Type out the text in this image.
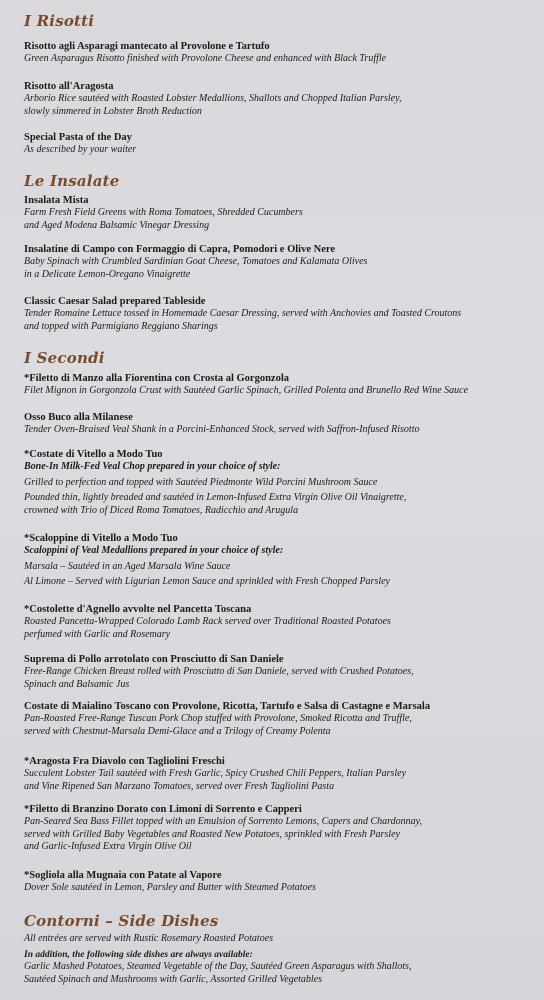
I Risotti
Risotto agli Asparagi mantecato al Provolone e Tartufo
Green Asparagus Risotto finished with Provolone Cheese and enhanced with Black Truffle
Risotto all'Aragosta
Arborio Rice sautéed with Roasted Lobster Medallions, Shallots and Chopped Italian Parsley,
slowly simmered in Lobster Broth Reduction
Special Pasta of the Day
As described by your waiter
Le Insalate
Insalata Mista
Farm Fresh Field Greens with Roma Tomatoes, Shredded Cucumbers
and Aged Modena Balsamic Vinegar Dressing
Insalatine di Campo con Formaggio di Capra, Pomodori e Olive Nere
Baby Spinach with Crumbled Sardinian Goat Cheese, Tomatoes and Kalamata Olives
in a Delicate Lemon-Oregano Vinaigrette
Classic Caesar Salad prepared Tableside
Tender Romaine Lettuce tossed in Homemade Caesar Dressing, served with Anchovies and Toasted Croutons
and topped with Parmigiano Reggiano Sharings
I Secondi
*Filetto di Manzo alla Fiorentina con Crosta al Gorgonzola
Filet Mignon in Gorgonzola Crust with Sautéed Garlic Spinach, Grilled Polenta and Brunello Red Wine Sauce
Osso Buco alla Milanese
Tender Oven-Braised Veal Shank in a Porcini-Enhanced Stock, served with Saffron-Infused Risotto
*Costate di Vitello a Modo Tuo
Bone-In Milk-Fed Veal Chop prepared in your choice of style:
Grilled to perfection and topped with Sautéed Piedmonte Wild Porcini Mushroom Sauce
Pounded thin, lightly breaded and sautéed in Lemon-Infused Extra Virgin Olive Oil Vinaigrette,
crowned with Trio of Diced Roma Tomatoes, Radicchio and Arugula
*Scaloppine di Vitello a Modo Tuo
Scaloppini of Veal Medallions prepared in your choice of style:
Marsala – Sautéed in an Aged Marsala Wine Sauce
Al Limone – Served with Ligurian Lemon Sauce and sprinkled with Fresh Chopped Parsley
*Costolette d'Agnello avvolte nel Pancetta Toscana
Roasted Pancetta-Wrapped Colorado Lamb Rack served over Traditional Roasted Potatoes
perfumed with Garlic and Rosemary
Suprema di Pollo arrotolato con Prosciutto di San Daniele
Free-Range Chicken Breast rolled with Prosciutto di San Daniele, served with Crushed Potatoes,
Spinach and Balsamic Jus
Costate di Maialino Toscano con Provolone, Ricotta, Tartufo e Salsa di Castagne e Marsala
Pan-Roasted Free-Range Tuscan Pork Chop stuffed with Provolone, Smoked Ricotta and Truffle,
served with Chestnut-Marsala Demi-Glace and a Trilogy of Creamy Polenta
*Aragosta Fra Diavolo con Tagliolini Freschi
Succulent Lobster Tail sautéed with Fresh Garlic, Spicy Crushed Chili Peppers, Italian Parsley
and Vine Ripened San Marzano Tomatoes, served over Fresh Tagliolini Pasta
*Filetto di Branzino Dorato con Limoni di Sorrento e Capperi
Pan-Seared Sea Bass Fillet topped with an Emulsion of Sorrento Lemons, Capers and Chardonnay,
served with Grilled Baby Vegetables and Roasted New Potatoes, sprinkled with Fresh Parsley
and Garlic-Infused Extra Virgin Olive Oil
*Sogliola alla Mugnaia con Patate al Vapore
Dover Sole sautéed in Lemon, Parsley and Butter with Steamed Potatoes
Contorni – Side Dishes
All entrées are served with Rustic Rosemary Roasted Potatoes
In addition, the following side dishes are always available:
Garlic Mashed Potatoes, Steamed Vegetable of the Day, Sautéed Green Asparagus with Shallots,
Sautéed Spinach and Mushrooms with Garlic, Assorted Grilled Vegetables
